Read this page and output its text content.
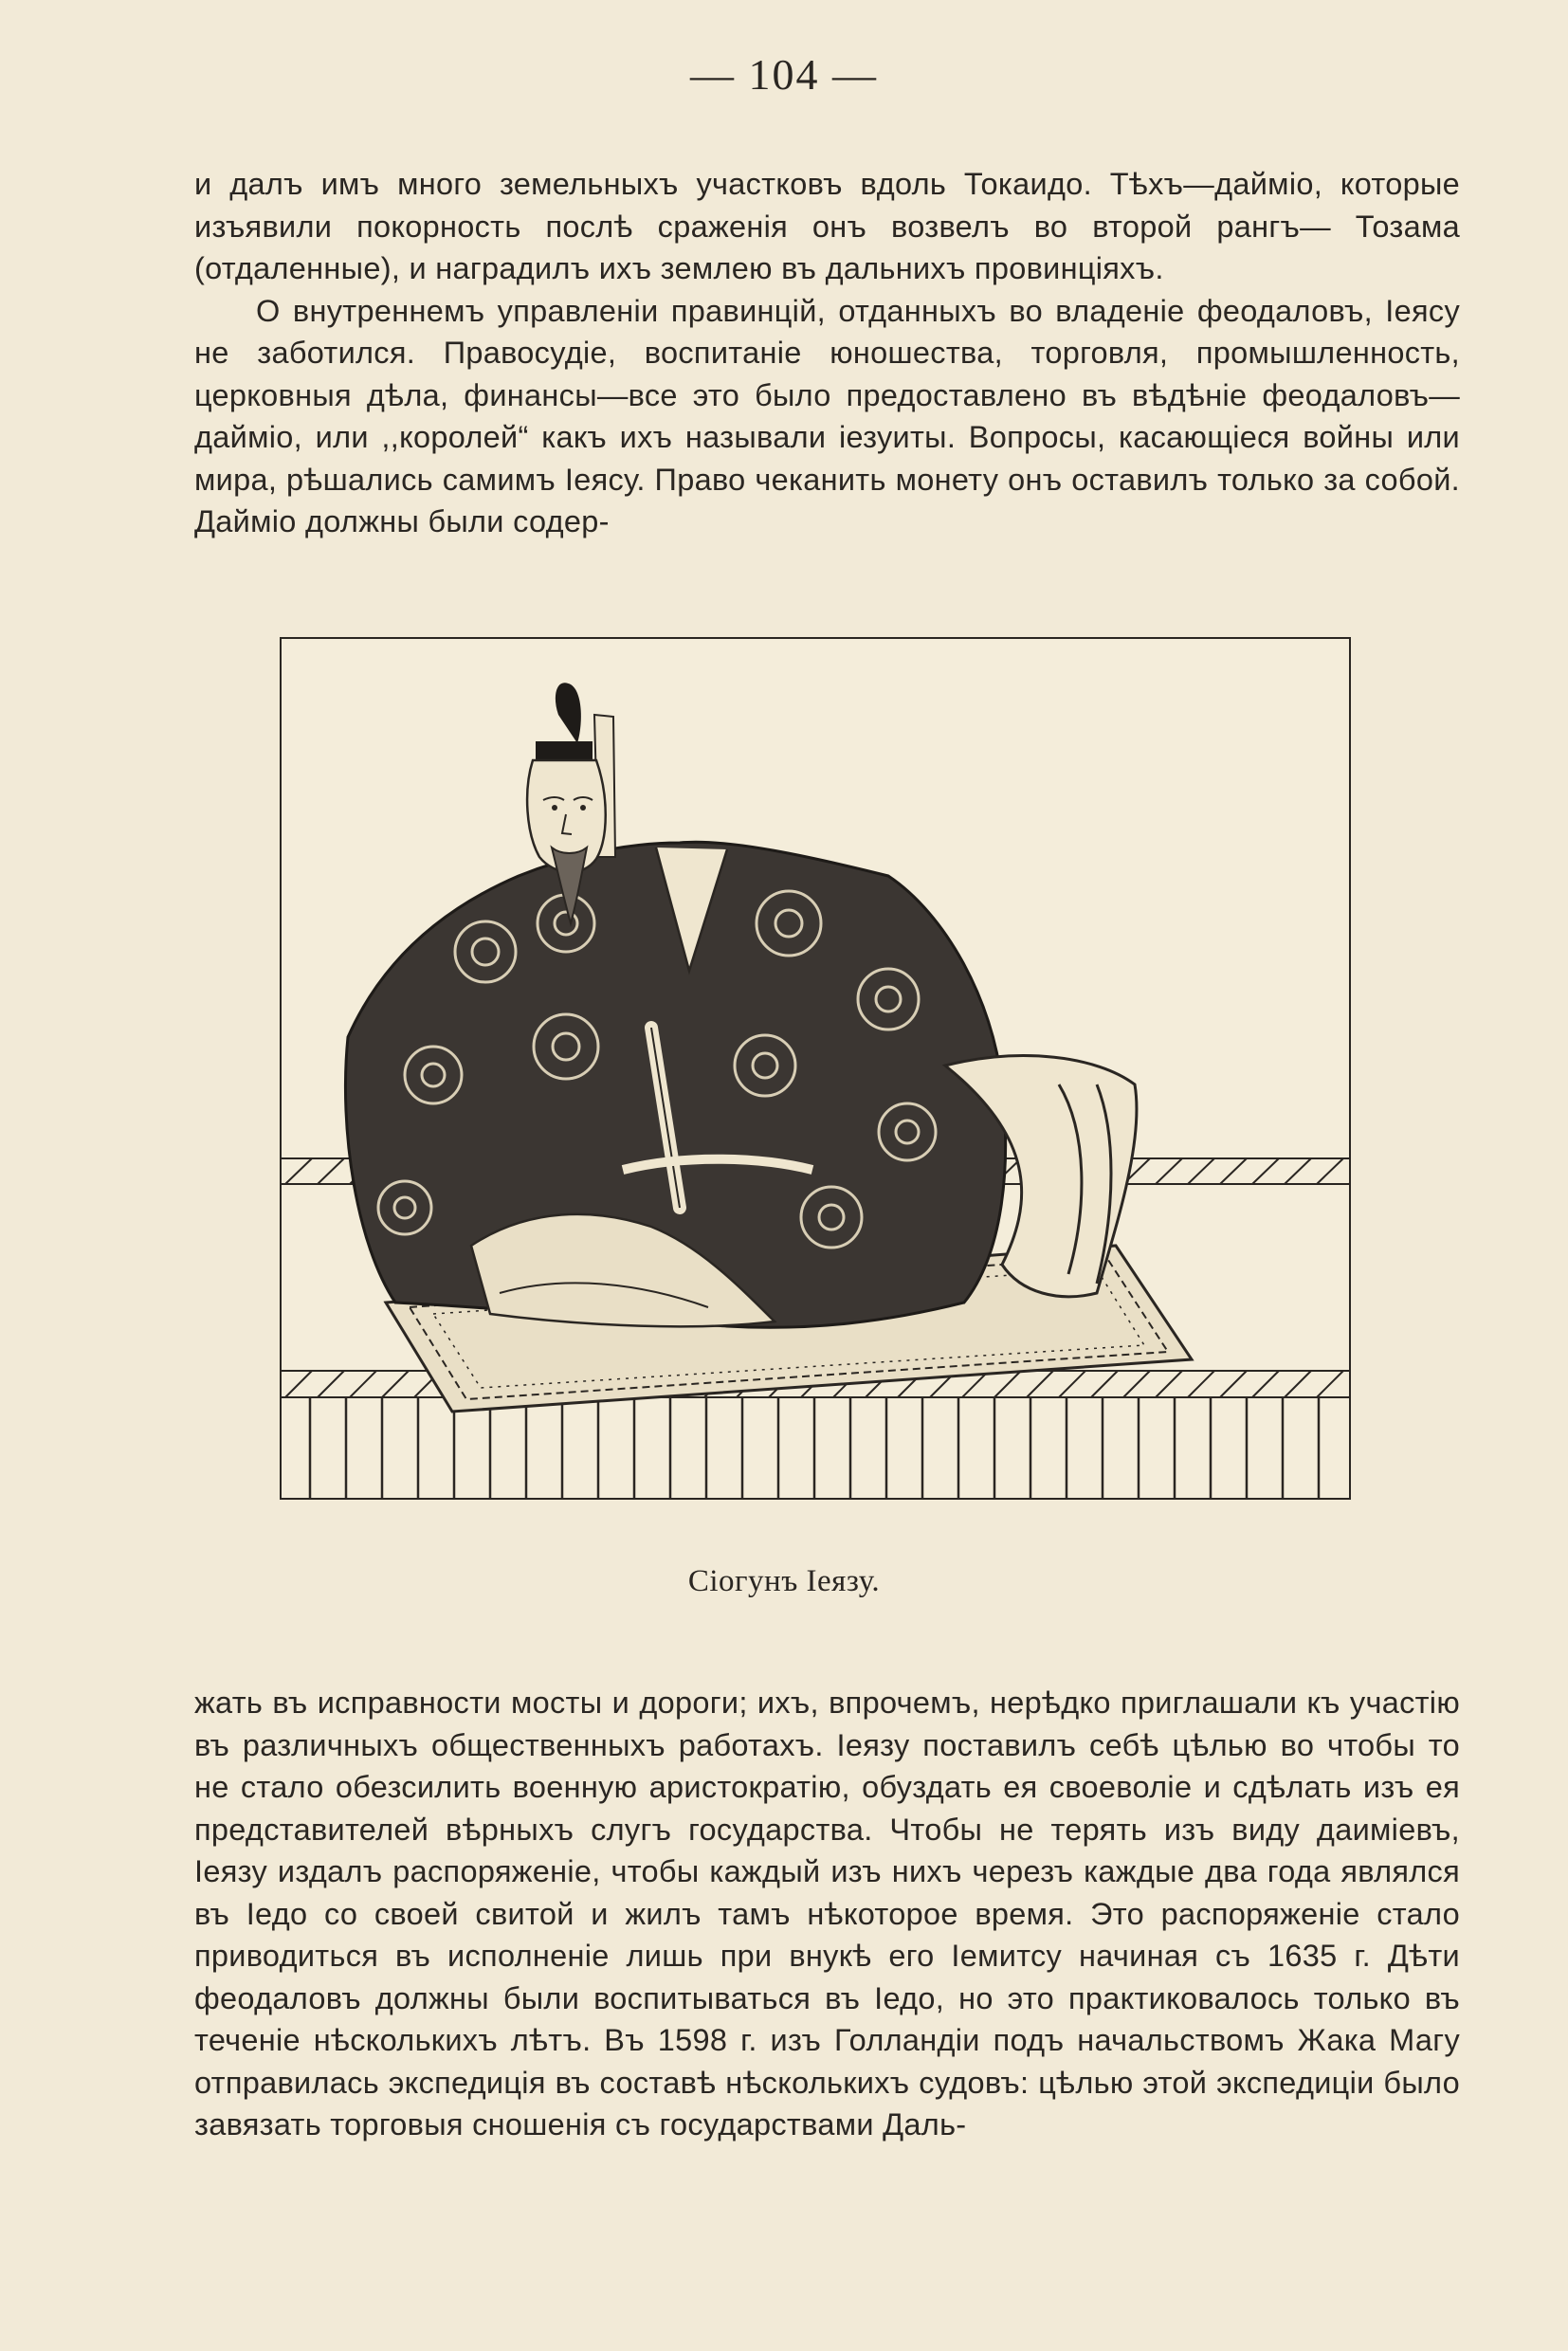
— 104 —

и далъ имъ много земельныхъ участковъ вдоль Токаидо. Тѣхъ—даймiо, которые изъявили покорность послѣ сраженiя онъ возвелъ во второй рангъ— Тозама (отдаленные), и наградилъ ихъ землею въ дальнихъ провинцiяхъ.

О внутреннемъ управленiи правинцiй, отданныхъ во владенiе феодаловъ, Iеясу не заботился. Правосудiе, воспитанiе юношества, торговля, промышленность, церковныя дѣла, финансы—все это было предоставлено въ вѣдѣнiе феодаловъ—даймiо, или ,,королей“ какъ ихъ называли iезуиты. Вопросы, касающiеся войны или мира, рѣшались самимъ Iеясу. Право чеканить монету онъ оставилъ только за собой. Даймiо должны были содер-

Сiогунъ Iеязу.

жать въ исправности мосты и дороги; ихъ, впрочемъ, нерѣдко приглашали къ участiю въ различныхъ общественныхъ работахъ. Iеязу поставилъ себѣ цѣлью во чтобы то не стало обезсилить военную аристократiю, обуздать ея своеволiе и сдѣлать изъ ея представителей вѣрныхъ слугъ государства. Чтобы не терять изъ виду даимiевъ, Iеязу издалъ распоряженiе, чтобы каждый изъ нихъ черезъ каждые два года являлся въ Iедо со своей свитой и жилъ тамъ нѣкоторое время. Это распоряженiе стало приводиться въ исполненiе лишь при внукѣ его Iемитсу начиная съ 1635 г. Дѣти феодаловъ должны были воспитываться въ Iедо, но это практиковалось только въ теченiе нѣсколькихъ лѣтъ. Въ 1598 г. изъ Голландiи подъ начальствомъ Жака Магу отправилась экспедицiя въ составѣ нѣсколькихъ судовъ: цѣлью этой экспедицiи было завязать торговыя сношенiя съ государствами Даль-
